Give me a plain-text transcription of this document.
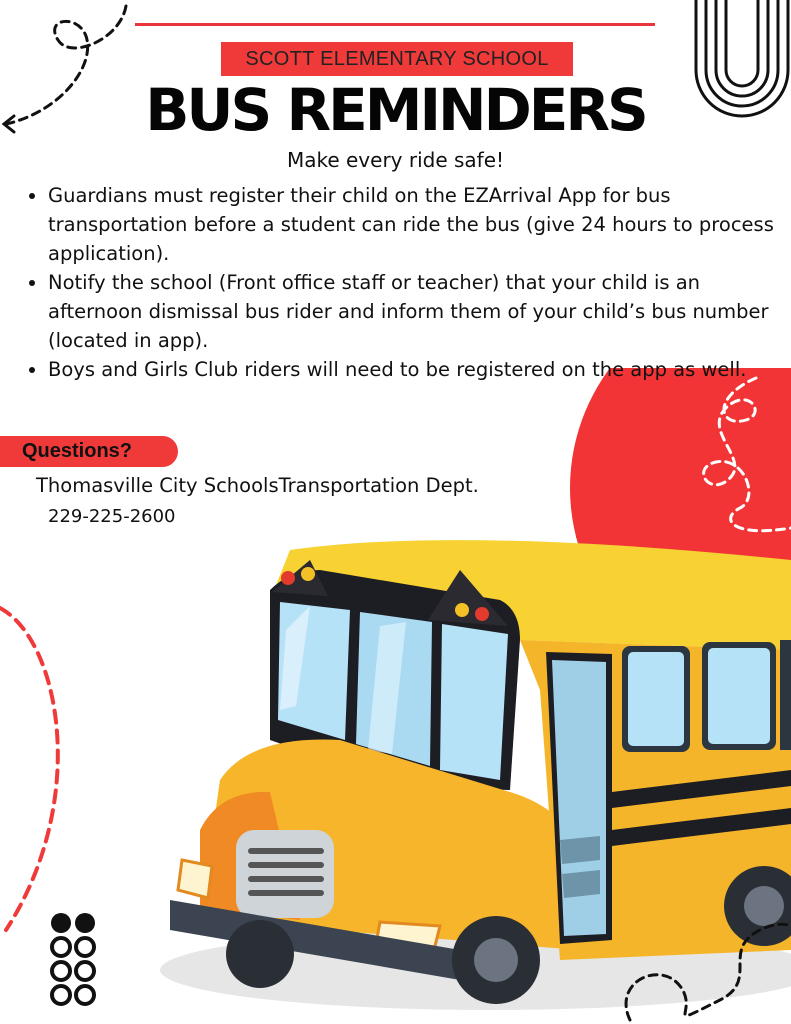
SCOTT ELEMENTARY SCHOOL
BUS REMINDERS
Make every ride safe!
• Guardians must register their child on the EZArrival App for bus transportation before a student can ride the bus (give 24 hours to process application).
• Notify the school (Front office staff or teacher) that your child is an afternoon dismissal bus rider and inform them of your child’s bus number (located in app).
• Boys and Girls Club riders will need to be registered on the app as well.
Questions?
Thomasville City SchoolsTransportation Dept.
229-225-2600
